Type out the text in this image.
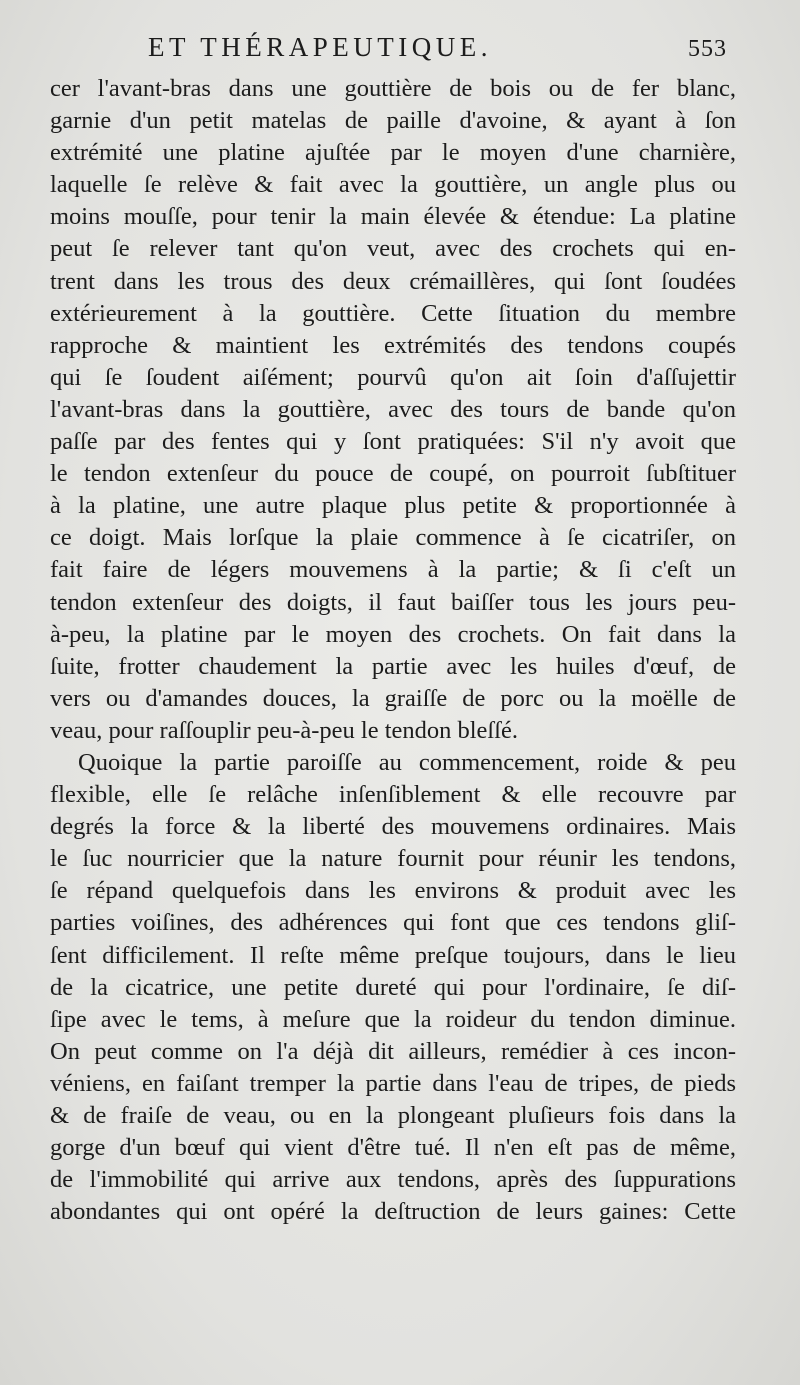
ET THÉRAPEUTIQUE.	553
cer l'avant-bras dans une gouttière de bois ou de fer blanc,
garnie d'un petit matelas de paille d'avoine, & ayant à ſon
extrémité une platine ajuſtée par le moyen d'une charnière,
laquelle ſe relève & fait avec la gouttière, un angle plus ou
moins mouſſe, pour tenir la main élevée & étendue: La platine
peut ſe relever tant qu'on veut, avec des crochets qui en-
trent dans les trous des deux crémaillères, qui ſont ſoudées
extérieurement à la gouttière. Cette ſituation du membre
rapproche & maintient les extrémités des tendons coupés
qui ſe ſoudent aiſément; pourvû qu'on ait ſoin d'aſſujettir
l'avant-bras dans la gouttière, avec des tours de bande qu'on
paſſe par des fentes qui y ſont pratiquées: S'il n'y avoit que
le tendon extenſeur du pouce de coupé, on pourroit ſubſtituer
à la platine, une autre plaque plus petite & proportionnée à
ce doigt. Mais lorſque la plaie commence à ſe cicatriſer, on
fait faire de légers mouvemens à la partie; & ſi c'eſt un
tendon extenſeur des doigts, il faut baiſſer tous les jours peu-
à-peu, la platine par le moyen des crochets. On fait dans la
ſuite, frotter chaudement la partie avec les huiles d'œuf, de
vers ou d'amandes douces, la graiſſe de porc ou la moëlle de
veau, pour raſſouplir peu-à-peu le tendon bleſſé.
Quoique la partie paroiſſe au commencement, roide & peu
flexible, elle ſe relâche inſenſiblement & elle recouvre par
degrés la force & la liberté des mouvemens ordinaires. Mais
le ſuc nourricier que la nature fournit pour réunir les tendons,
ſe répand quelquefois dans les environs & produit avec les
parties voiſines, des adhérences qui font que ces tendons gliſ-
ſent difficilement. Il reſte même preſque toujours, dans le lieu
de la cicatrice, une petite dureté qui pour l'ordinaire, ſe diſ-
ſipe avec le tems, à meſure que la roideur du tendon diminue.
On peut comme on l'a déjà dit ailleurs, remédier à ces incon-
véniens, en faiſant tremper la partie dans l'eau de tripes, de pieds
& de fraiſe de veau, ou en la plongeant pluſieurs fois dans la
gorge d'un bœuf qui vient d'être tué. Il n'en eſt pas de même,
de l'immobilité qui arrive aux tendons, après des ſuppurations
abondantes qui ont opéré la deſtruction de leurs gaines: Cette
